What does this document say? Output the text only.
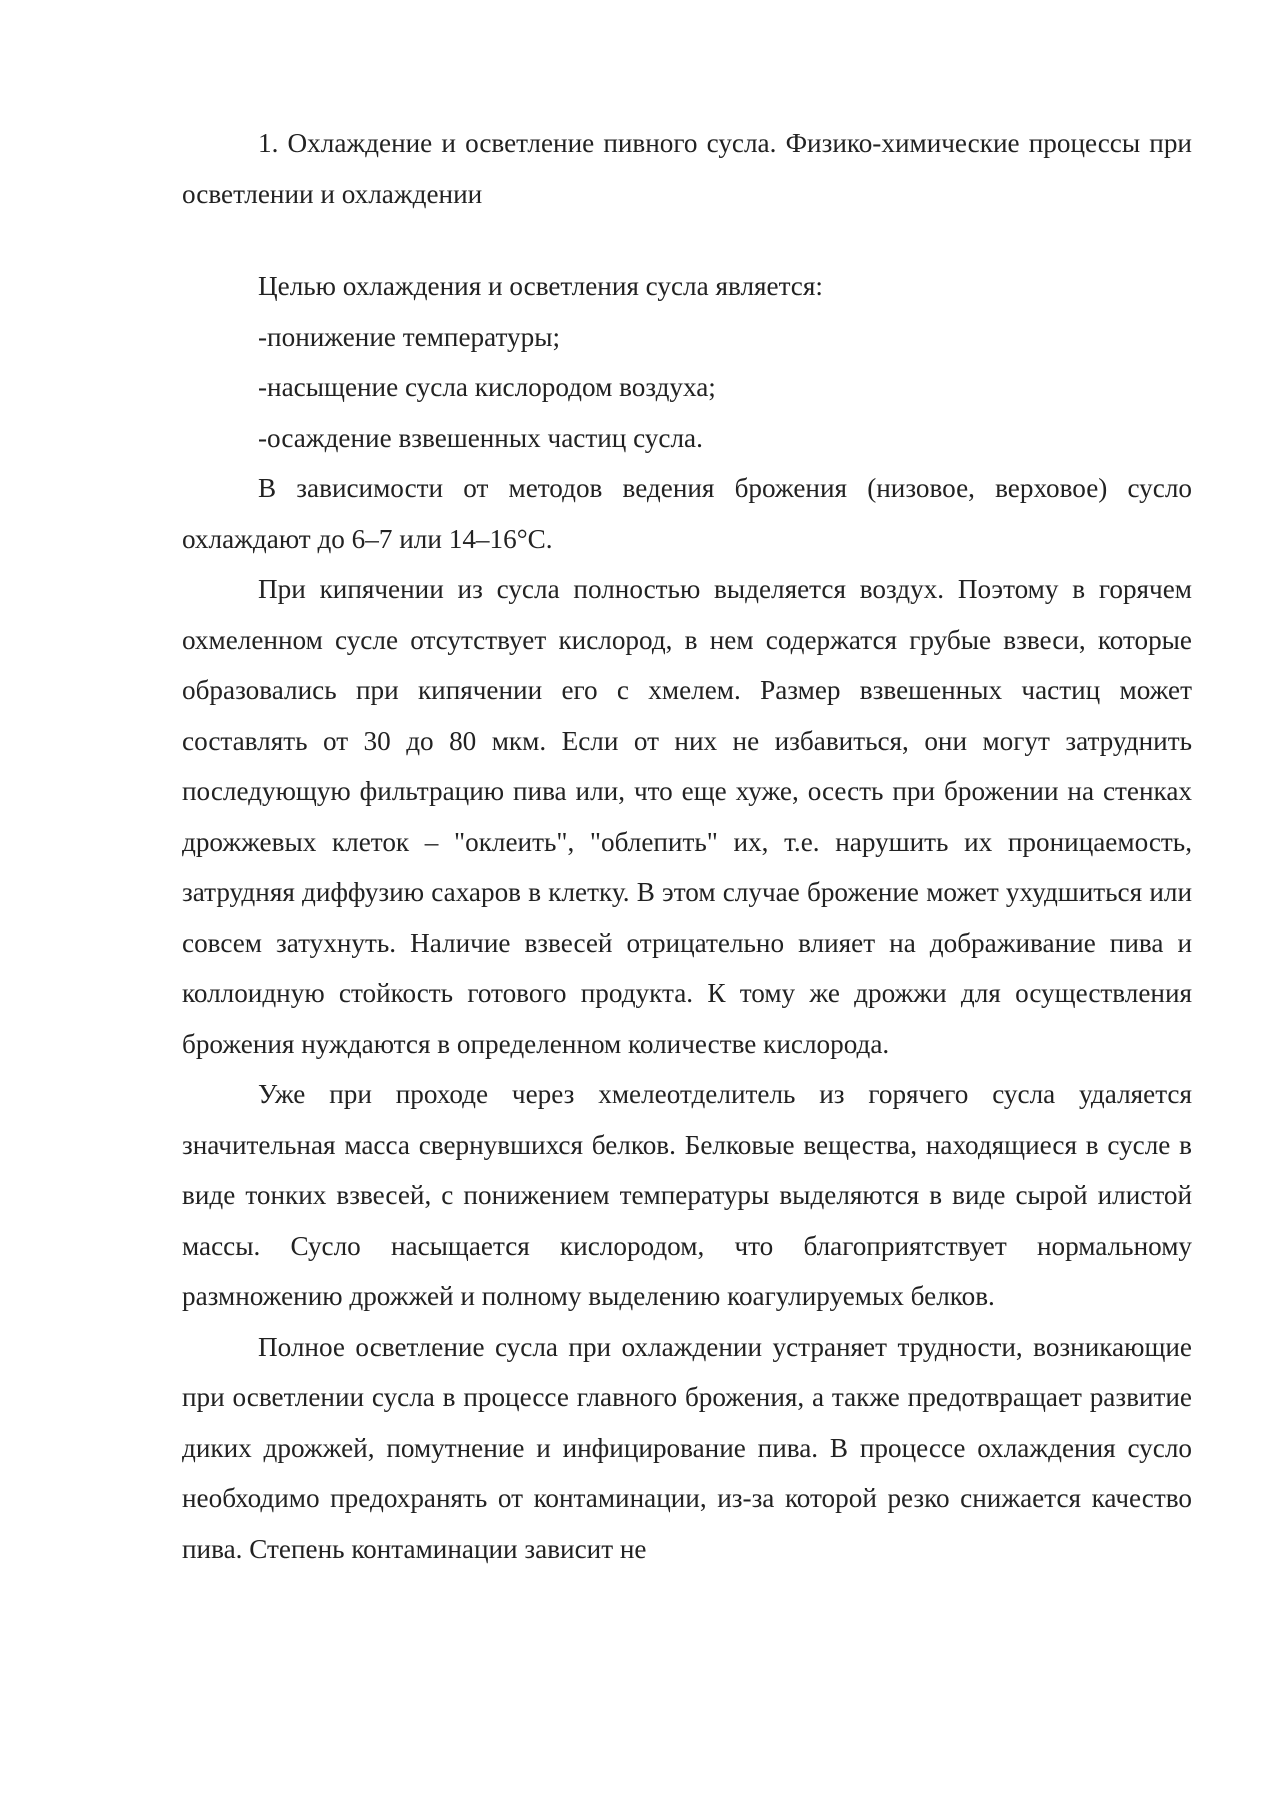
1. Охлаждение и осветление пивного сусла. Физико-химические процессы при осветлении и охлаждении

Целью охлаждения и осветления сусла является:

-понижение температуры;

-насыщение сусла кислородом воздуха;

-осаждение взвешенных частиц сусла.

В зависимости от методов ведения брожения (низовое, верховое) сусло охлаждают до 6–7 или 14–16°С.

При кипячении из сусла полностью выделяется воздух. Поэтому в горячем охмеленном сусле отсутствует кислород, в нем содержатся грубые взвеси, которые образовались при кипячении его с хмелем. Размер взвешенных частиц может составлять от 30 до 80 мкм. Если от них не избавиться, они могут затруднить последующую фильтрацию пива или, что еще хуже, осесть при брожении на стенках дрожжевых клеток – "оклеить", "облепить" их, т.е. нарушить их проницаемость, затрудняя диффузию сахаров в клетку. В этом случае брожение может ухудшиться или совсем затухнуть. Наличие взвесей отрицательно влияет на дображивание пива и коллоидную стойкость готового продукта. К тому же дрожжи для осуществления брожения нуждаются в определенном количестве кислорода.

Уже при проходе через хмелеотделитель из горячего сусла удаляется значительная масса свернувшихся белков. Белковые вещества, находящиеся в сусле в виде тонких взвесей, с понижением температуры выделяются в виде сырой илистой массы. Сусло насыщается кислородом, что благоприятствует нормальному размножению дрожжей и полному выделению коагулируемых белков.

Полное осветление сусла при охлаждении устраняет трудности, возникающие при осветлении сусла в процессе главного брожения, а также предотвращает развитие диких дрожжей, помутнение и инфицирование пива. В процессе охлаждения сусло необходимо предохранять от контаминации, из-за которой резко снижается качество пива. Степень контаминации зависит не
